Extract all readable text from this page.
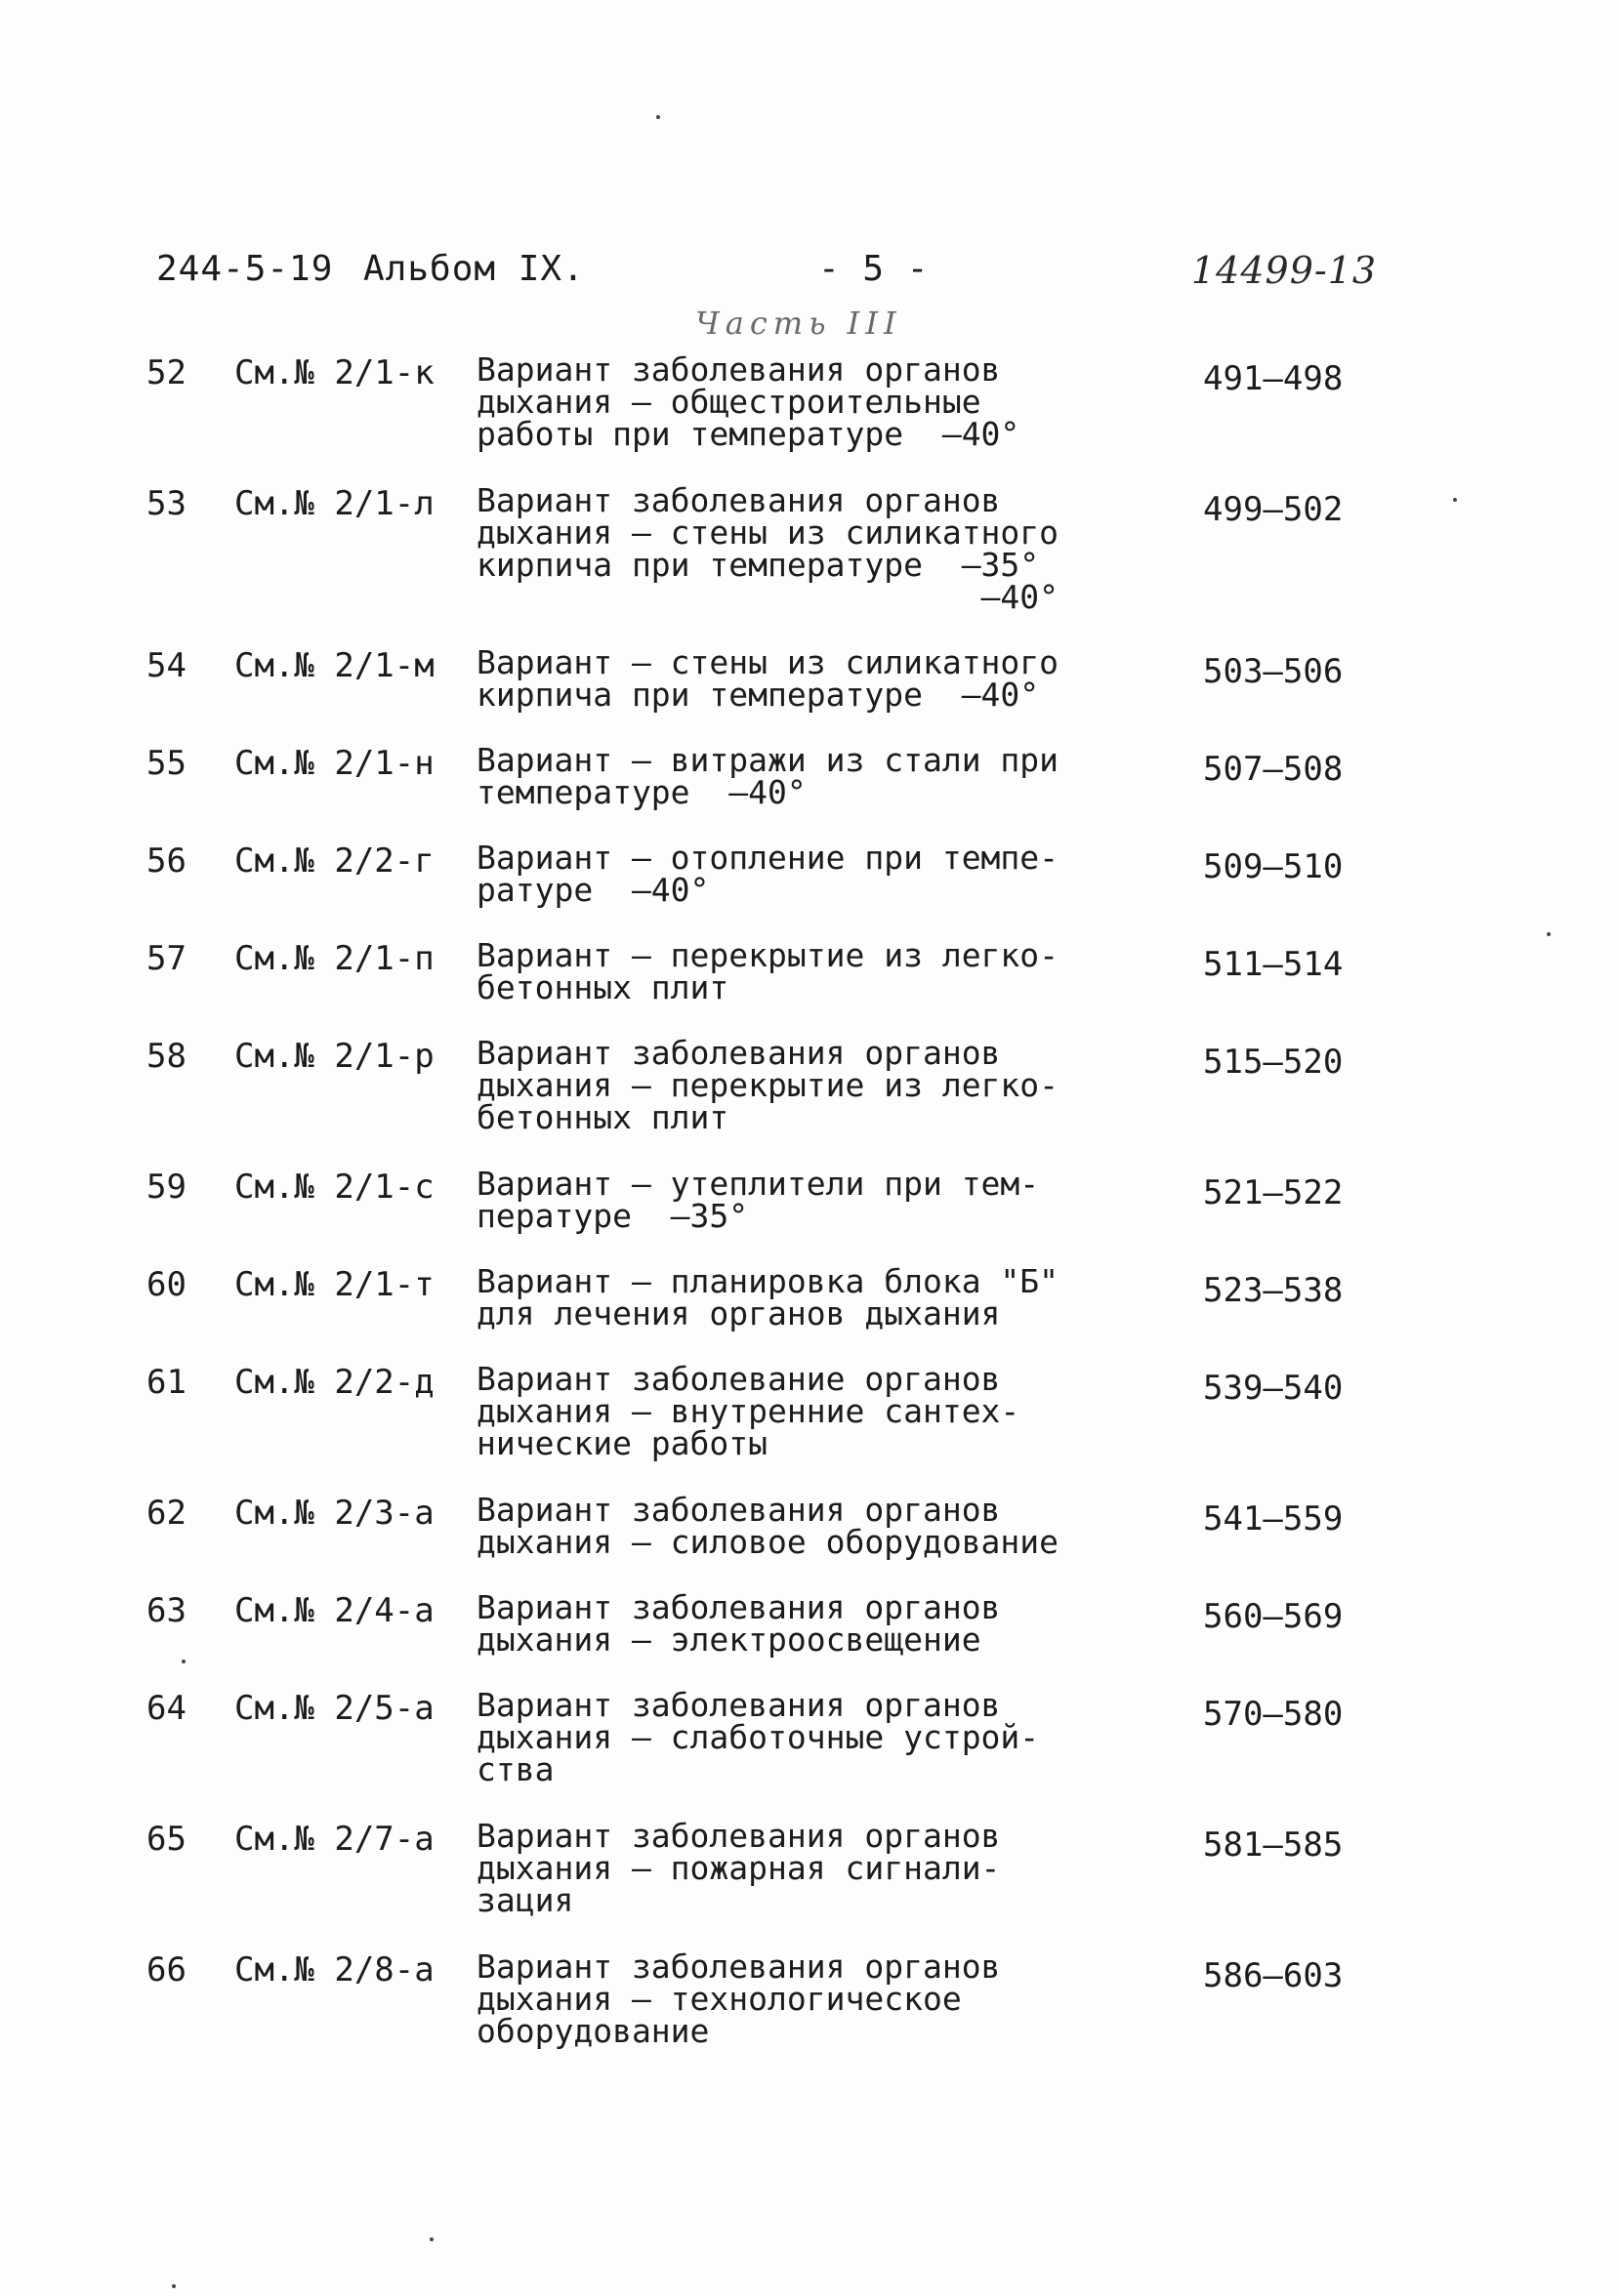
244-5-19 Альбом IX.	- 5 -	14499-13
Часть III
52 См.№ 2/1-к Вариант заболевания органов
дыхания – общестроительные
работы при температуре  –40°
491–498
53 См.№ 2/1-л Вариант заболевания органов
дыхания – стены из силикатного
кирпича при температуре  –35°
–40°
499–502
54 См.№ 2/1-м Вариант – стены из силикатного
кирпича при температуре  –40°
503–506
55 См.№ 2/1-н Вариант – витражи из стали при
температуре  –40°
507–508
56 См.№ 2/2-г Вариант – отопление при темпе-
ратуре  –40°
509–510
57 См.№ 2/1-п Вариант – перекрытие из легко-
бетонных плит
511–514
58 См.№ 2/1-р Вариант заболевания органов
дыхания – перекрытие из легко-
бетонных плит
515–520
59 См.№ 2/1-с Вариант – утеплители при тем-
пературе  –35°
521–522
60 См.№ 2/1-т Вариант – планировка блока "Б"
для лечения органов дыхания
523–538
61 См.№ 2/2-д Вариант заболевание органов
дыхания – внутренние сантех-
нические работы
539–540
62 См.№ 2/3-а Вариант заболевания органов
дыхания – силовое оборудование
541–559
63 См.№ 2/4-а Вариант заболевания органов
дыхания – электроосвещение
560–569
64 См.№ 2/5-а Вариант заболевания органов
дыхания – слаботочные устрой-
ства
570–580
65 См.№ 2/7-а Вариант заболевания органов
дыхания – пожарная сигнали-
зация
581–585
66 См.№ 2/8-а Вариант заболевания органов
дыхания – технологическое
оборудование
586–603
